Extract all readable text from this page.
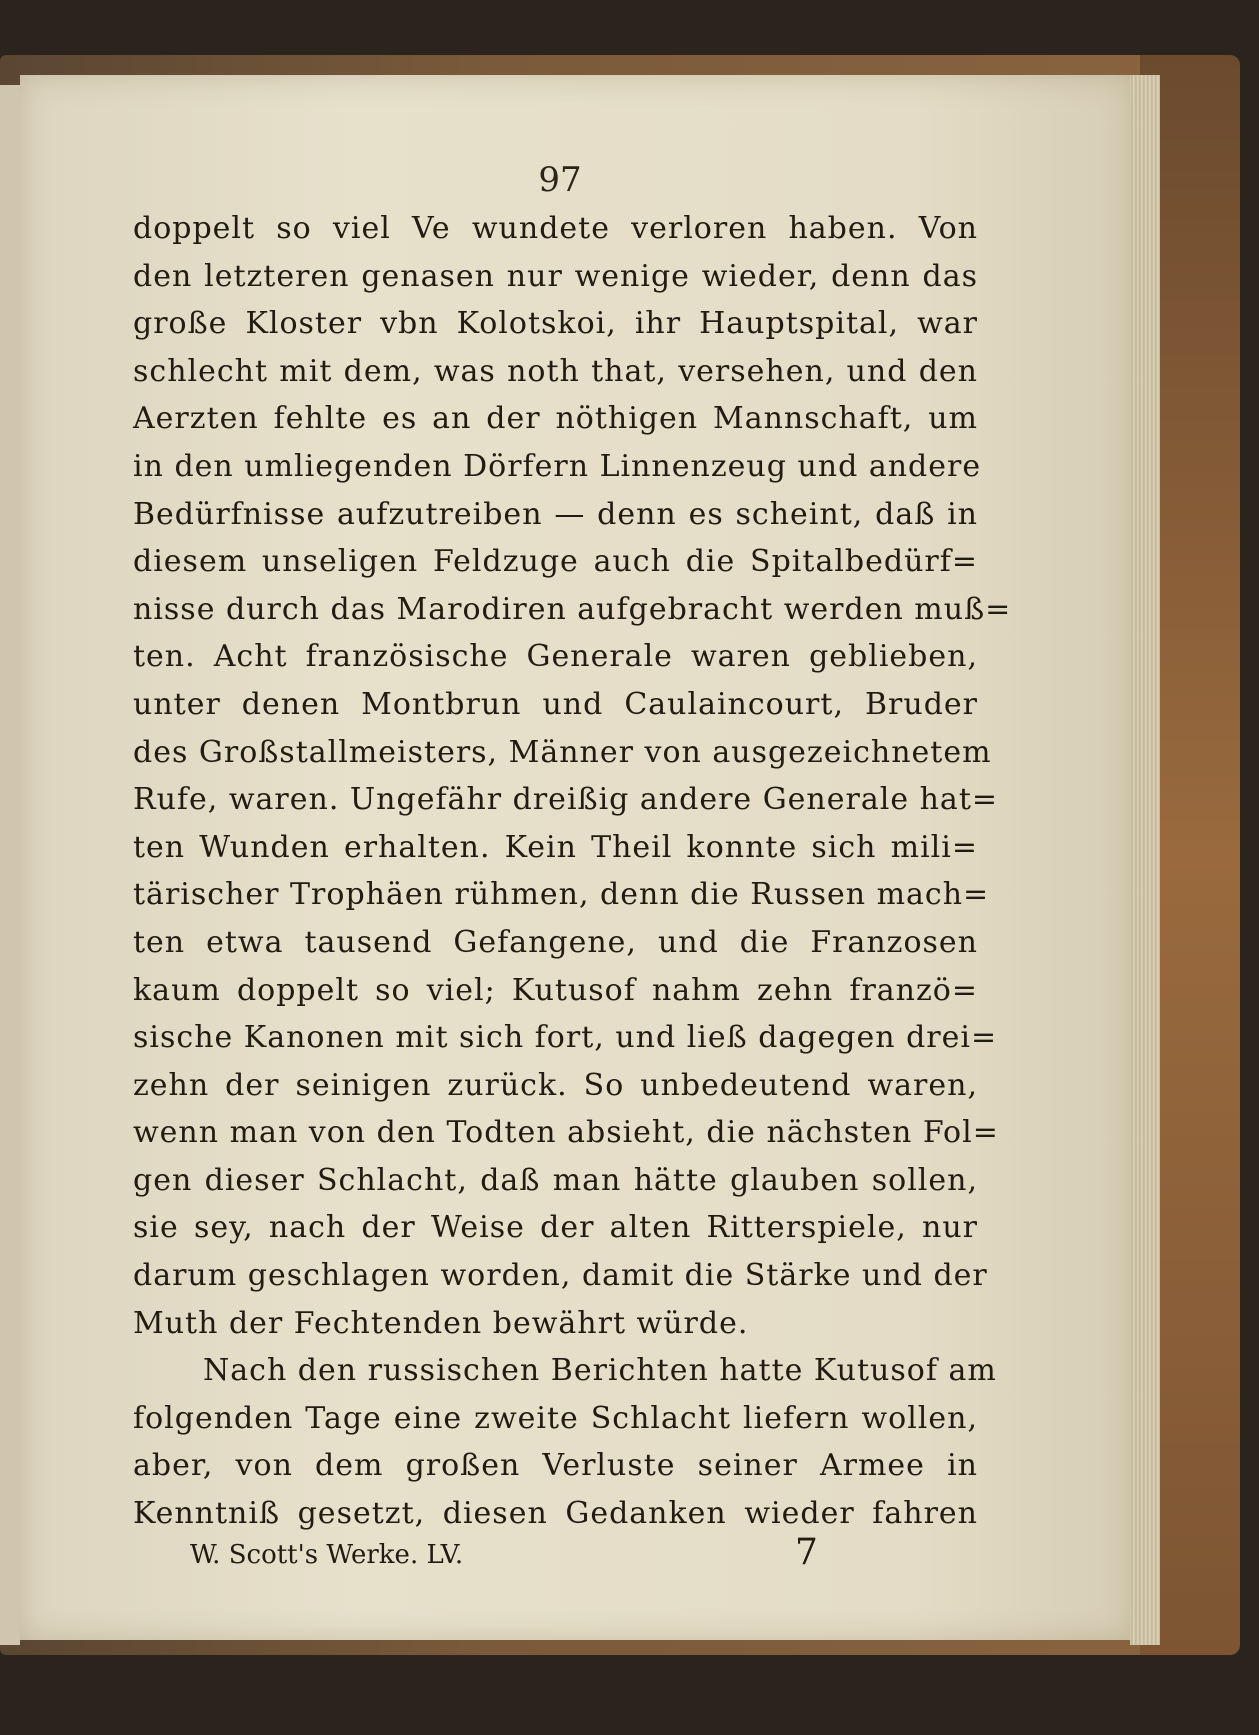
97
doppelt so viel Ve wundete verloren haben. Von
den letzteren genasen nur wenige wieder, denn das
große Kloster vbn Kolotskoi, ihr Hauptspital, war
schlecht mit dem, was noth that, versehen, und den
Aerzten fehlte es an der nöthigen Mannschaft, um
in den umliegenden Dörfern Linnenzeug und andere
Bedürfnisse aufzutreiben — denn es scheint, daß in
diesem unseligen Feldzuge auch die Spitalbedürf=
nisse durch das Marodiren aufgebracht werden muß=
ten. Acht französische Generale waren geblieben,
unter denen Montbrun und Caulaincourt, Bruder
des Großstallmeisters, Männer von ausgezeichnetem
Rufe, waren. Ungefähr dreißig andere Generale hat=
ten Wunden erhalten. Kein Theil konnte sich mili=
tärischer Trophäen rühmen, denn die Russen mach=
ten etwa tausend Gefangene, und die Franzosen
kaum doppelt so viel; Kutusof nahm zehn franzö=
sische Kanonen mit sich fort, und ließ dagegen drei=
zehn der seinigen zurück. So unbedeutend waren,
wenn man von den Todten absieht, die nächsten Fol=
gen dieser Schlacht, daß man hätte glauben sollen,
sie sey, nach der Weise der alten Ritterspiele, nur
darum geschlagen worden, damit die Stärke und der
Muth der Fechtenden bewährt würde.
Nach den russischen Berichten hatte Kutusof am
folgenden Tage eine zweite Schlacht liefern wollen,
aber, von dem großen Verluste seiner Armee in
Kenntniß gesetzt, diesen Gedanken wieder fahren
W. Scott's Werke. LV.	7
